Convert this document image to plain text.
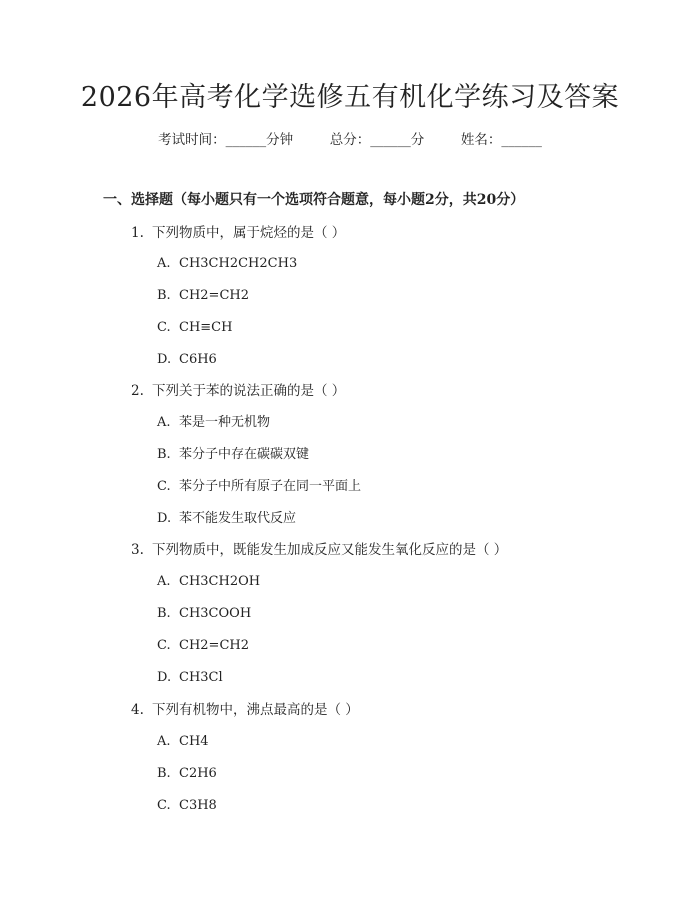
2026年高考化学选修五有机化学练习及答案
考试时间：______分钟	总分：______分	姓名：______
一、选择题（每小题只有一个选项符合题意，每小题2分，共20分）
1. 下列物质中，属于烷烃的是（ ）
A. CH3CH2CH2CH3
B. CH2=CH2
C. CH≡CH
D. C6H6
2. 下列关于苯的说法正确的是（ ）
A. 苯是一种无机物
B. 苯分子中存在碳碳双键
C. 苯分子中所有原子在同一平面上
D. 苯不能发生取代反应
3. 下列物质中，既能发生加成反应又能发生氧化反应的是（ ）
A. CH3CH2OH
B. CH3COOH
C. CH2=CH2
D. CH3Cl
4. 下列有机物中，沸点最高的是（ ）
A. CH4
B. C2H6
C. C3H8
